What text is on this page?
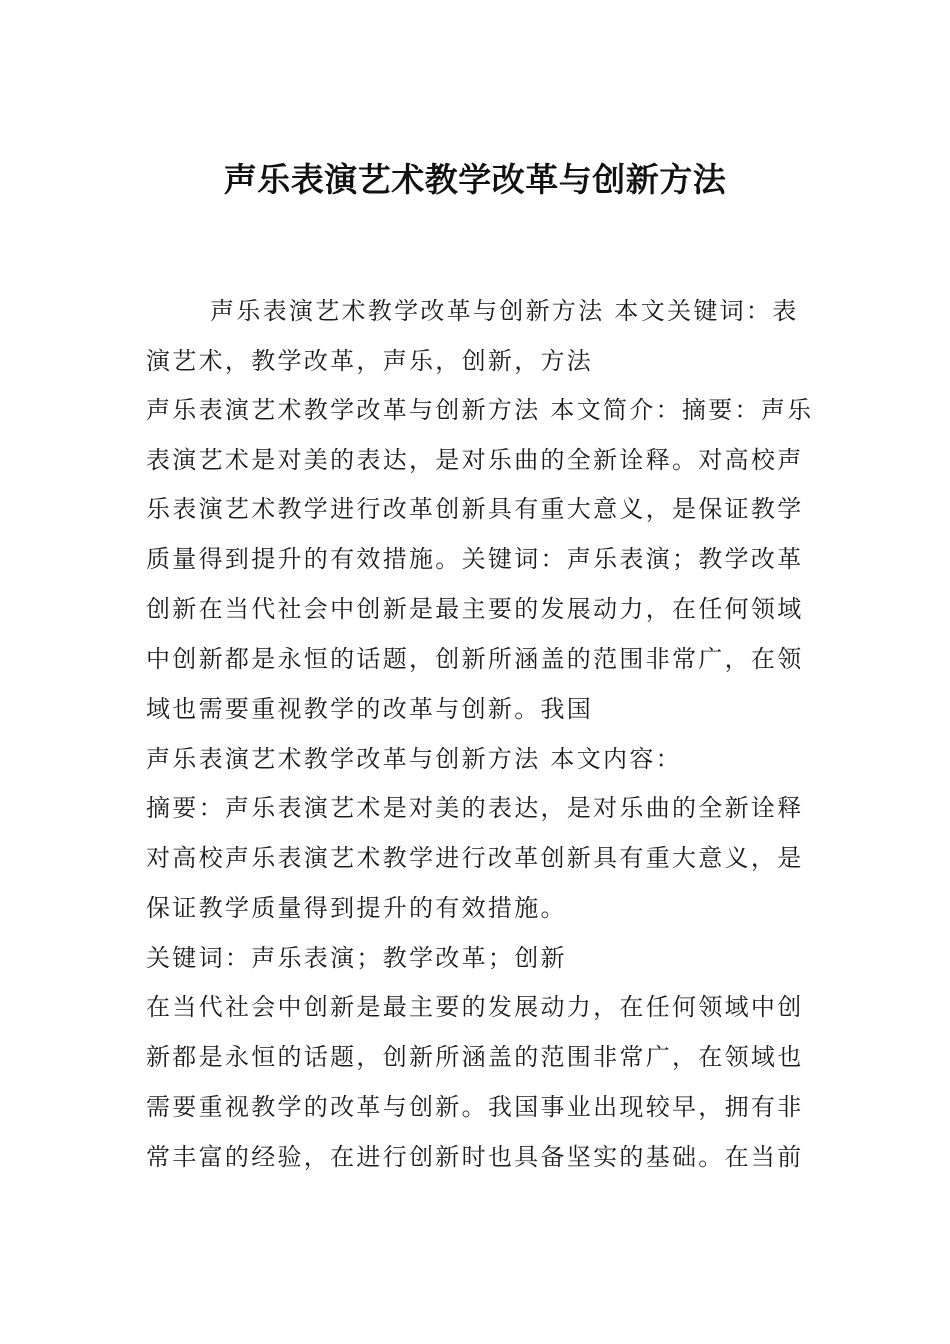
声乐表演艺术教学改革与创新方法
声乐表演艺术教学改革与创新方法 本文关键词：表
演艺术，教学改革，声乐，创新，方法
声乐表演艺术教学改革与创新方法 本文简介：摘要：声乐
表演艺术是对美的表达，是对乐曲的全新诠释。对高校声
乐表演艺术教学进行改革创新具有重大意义，是保证教学
质量得到提升的有效措施。关键词：声乐表演；教学改革
创新在当代社会中创新是最主要的发展动力，在任何领域
中创新都是永恒的话题，创新所涵盖的范围非常广，在领
域也需要重视教学的改革与创新。我国
声乐表演艺术教学改革与创新方法 本文内容：
摘要：声乐表演艺术是对美的表达，是对乐曲的全新诠释
对高校声乐表演艺术教学进行改革创新具有重大意义，是
保证教学质量得到提升的有效措施。
关键词：声乐表演；教学改革；创新
在当代社会中创新是最主要的发展动力，在任何领域中创
新都是永恒的话题，创新所涵盖的范围非常广，在领域也
需要重视教学的改革与创新。我国事业出现较早，拥有非
常丰富的经验，在进行创新时也具备坚实的基础。在当前
